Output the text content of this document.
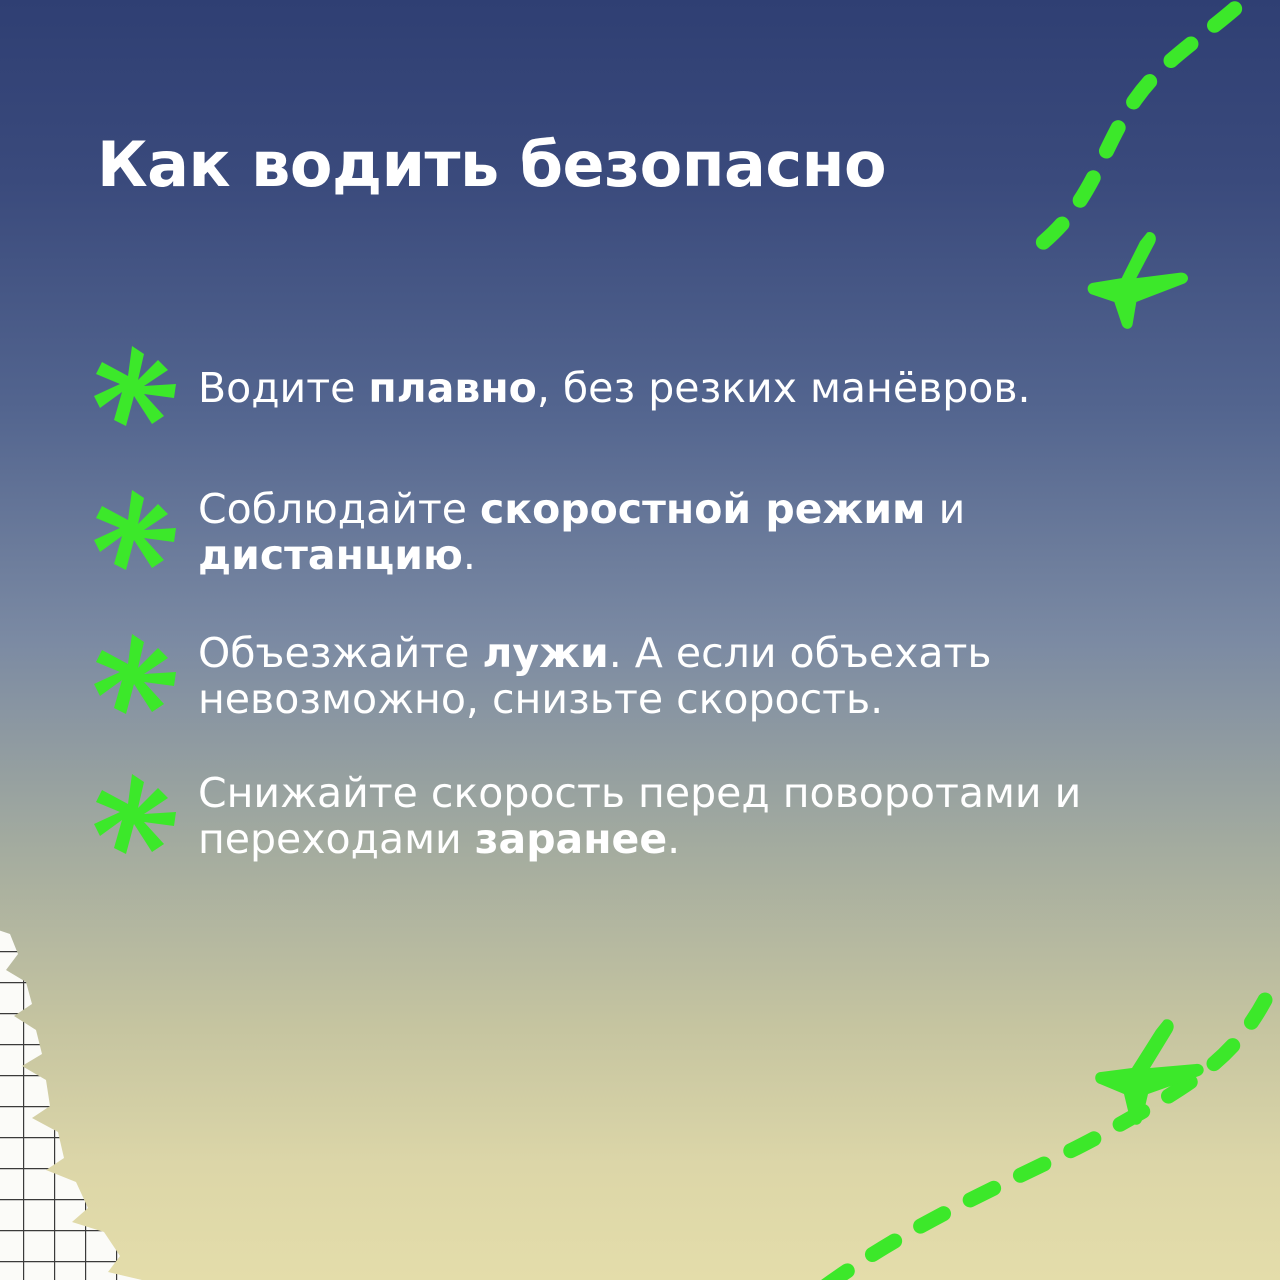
Как водить безопасно
Водите плавно, без резких манёвров.
Соблюдайте скоростной режим и дистанцию.
Объезжайте лужи. А если объехать невозможно, снизьте скорость.
Снижайте скорость перед поворотами и переходами заранее.
